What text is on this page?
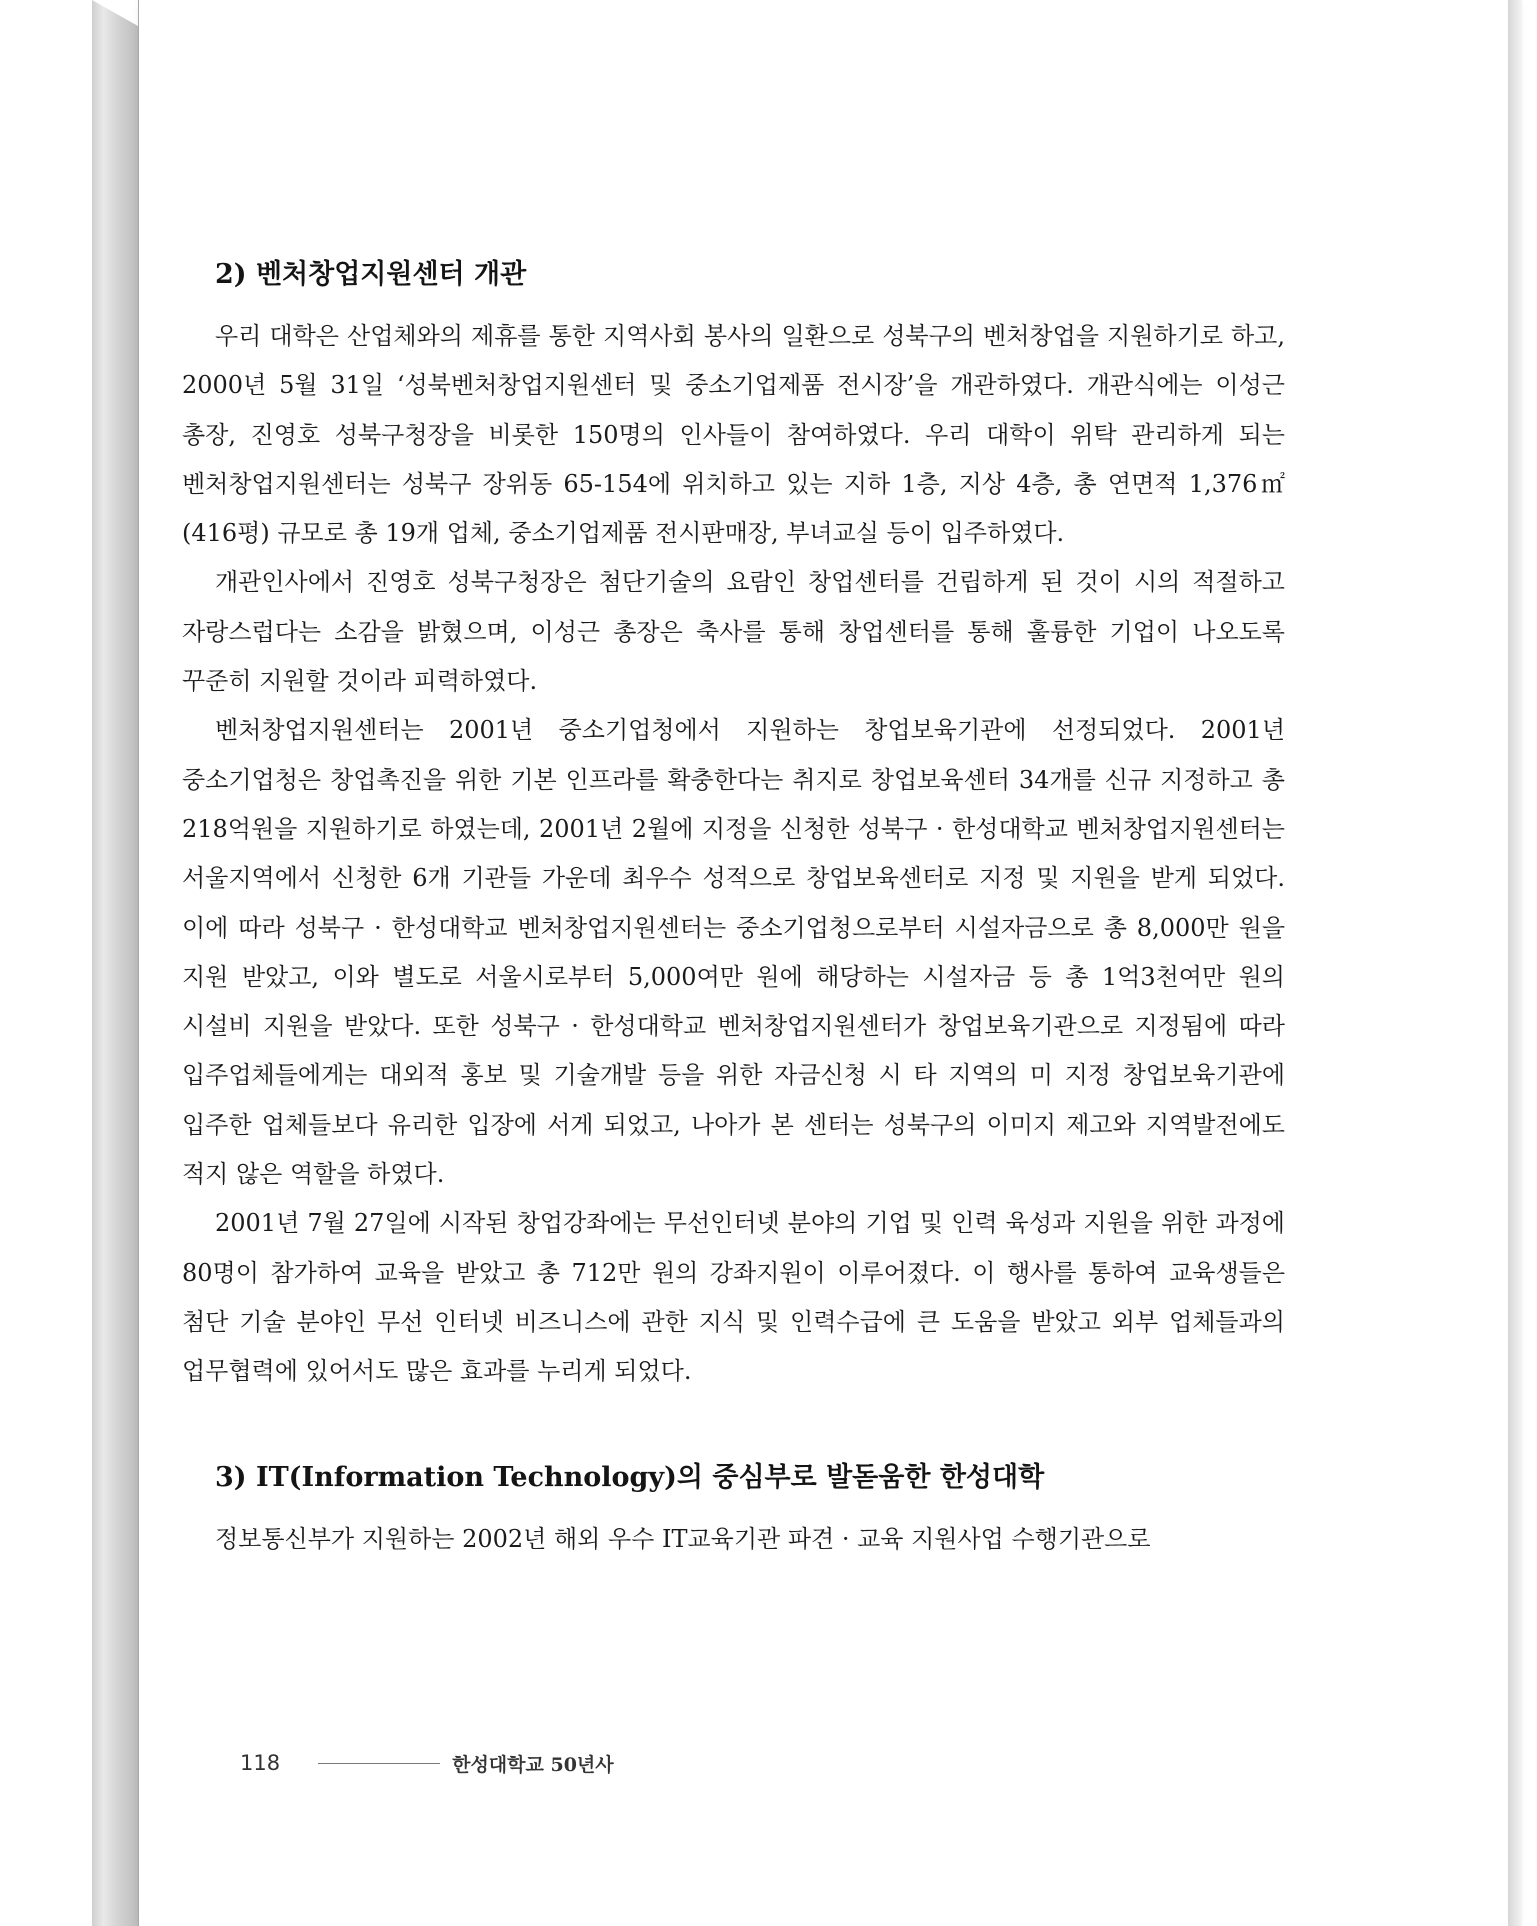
2) 벤처창업지원센터 개관

우리 대학은 산업체와의 제휴를 통한 지역사회 봉사의 일환으로 성북구의 벤처창업을 지원하기로 하고, 2000년 5월 31일 ‘성북벤처창업지원센터 및 중소기업제품 전시장’을 개관하였다. 개관식에는 이성근 총장, 진영호 성북구청장을 비롯한 150명의 인사들이 참여하였다. 우리 대학이 위탁 관리하게 되는 벤처창업지원센터는 성북구 장위동 65-154에 위치하고 있는 지하 1층, 지상 4층, 총 연면적 1,376㎡(416평) 규모로 총 19개 업체, 중소기업제품 전시판매장, 부녀교실 등이 입주하였다.

개관인사에서 진영호 성북구청장은 첨단기술의 요람인 창업센터를 건립하게 된 것이 시의 적절하고 자랑스럽다는 소감을 밝혔으며, 이성근 총장은 축사를 통해 창업센터를 통해 훌륭한 기업이 나오도록 꾸준히 지원할 것이라 피력하였다.

벤처창업지원센터는 2001년 중소기업청에서 지원하는 창업보육기관에 선정되었다. 2001년 중소기업청은 창업촉진을 위한 기본 인프라를 확충한다는 취지로 창업보육센터 34개를 신규 지정하고 총 218억원을 지원하기로 하였는데, 2001년 2월에 지정을 신청한 성북구 · 한성대학교 벤처창업지원센터는 서울지역에서 신청한 6개 기관들 가운데 최우수 성적으로 창업보육센터로 지정 및 지원을 받게 되었다. 이에 따라 성북구 · 한성대학교 벤처창업지원센터는 중소기업청으로부터 시설자금으로 총 8,000만 원을 지원 받았고, 이와 별도로 서울시로부터 5,000여만 원에 해당하는 시설자금 등 총 1억3천여만 원의 시설비 지원을 받았다. 또한 성북구 · 한성대학교 벤처창업지원센터가 창업보육기관으로 지정됨에 따라 입주업체들에게는 대외적 홍보 및 기술개발 등을 위한 자금신청 시 타 지역의 미 지정 창업보육기관에 입주한 업체들보다 유리한 입장에 서게 되었고, 나아가 본 센터는 성북구의 이미지 제고와 지역발전에도 적지 않은 역할을 하였다.

2001년 7월 27일에 시작된 창업강좌에는 무선인터넷 분야의 기업 및 인력 육성과 지원을 위한 과정에 80명이 참가하여 교육을 받았고 총 712만 원의 강좌지원이 이루어졌다. 이 행사를 통하여 교육생들은 첨단 기술 분야인 무선 인터넷 비즈니스에 관한 지식 및 인력수급에 큰 도움을 받았고 외부 업체들과의 업무협력에 있어서도 많은 효과를 누리게 되었다.

3) IT(Information Technology)의 중심부로 발돋움한 한성대학

정보통신부가 지원하는 2002년 해외 우수 IT교육기관 파견 · 교육 지원사업 수행기관으로

118	한성대학교 50년사
